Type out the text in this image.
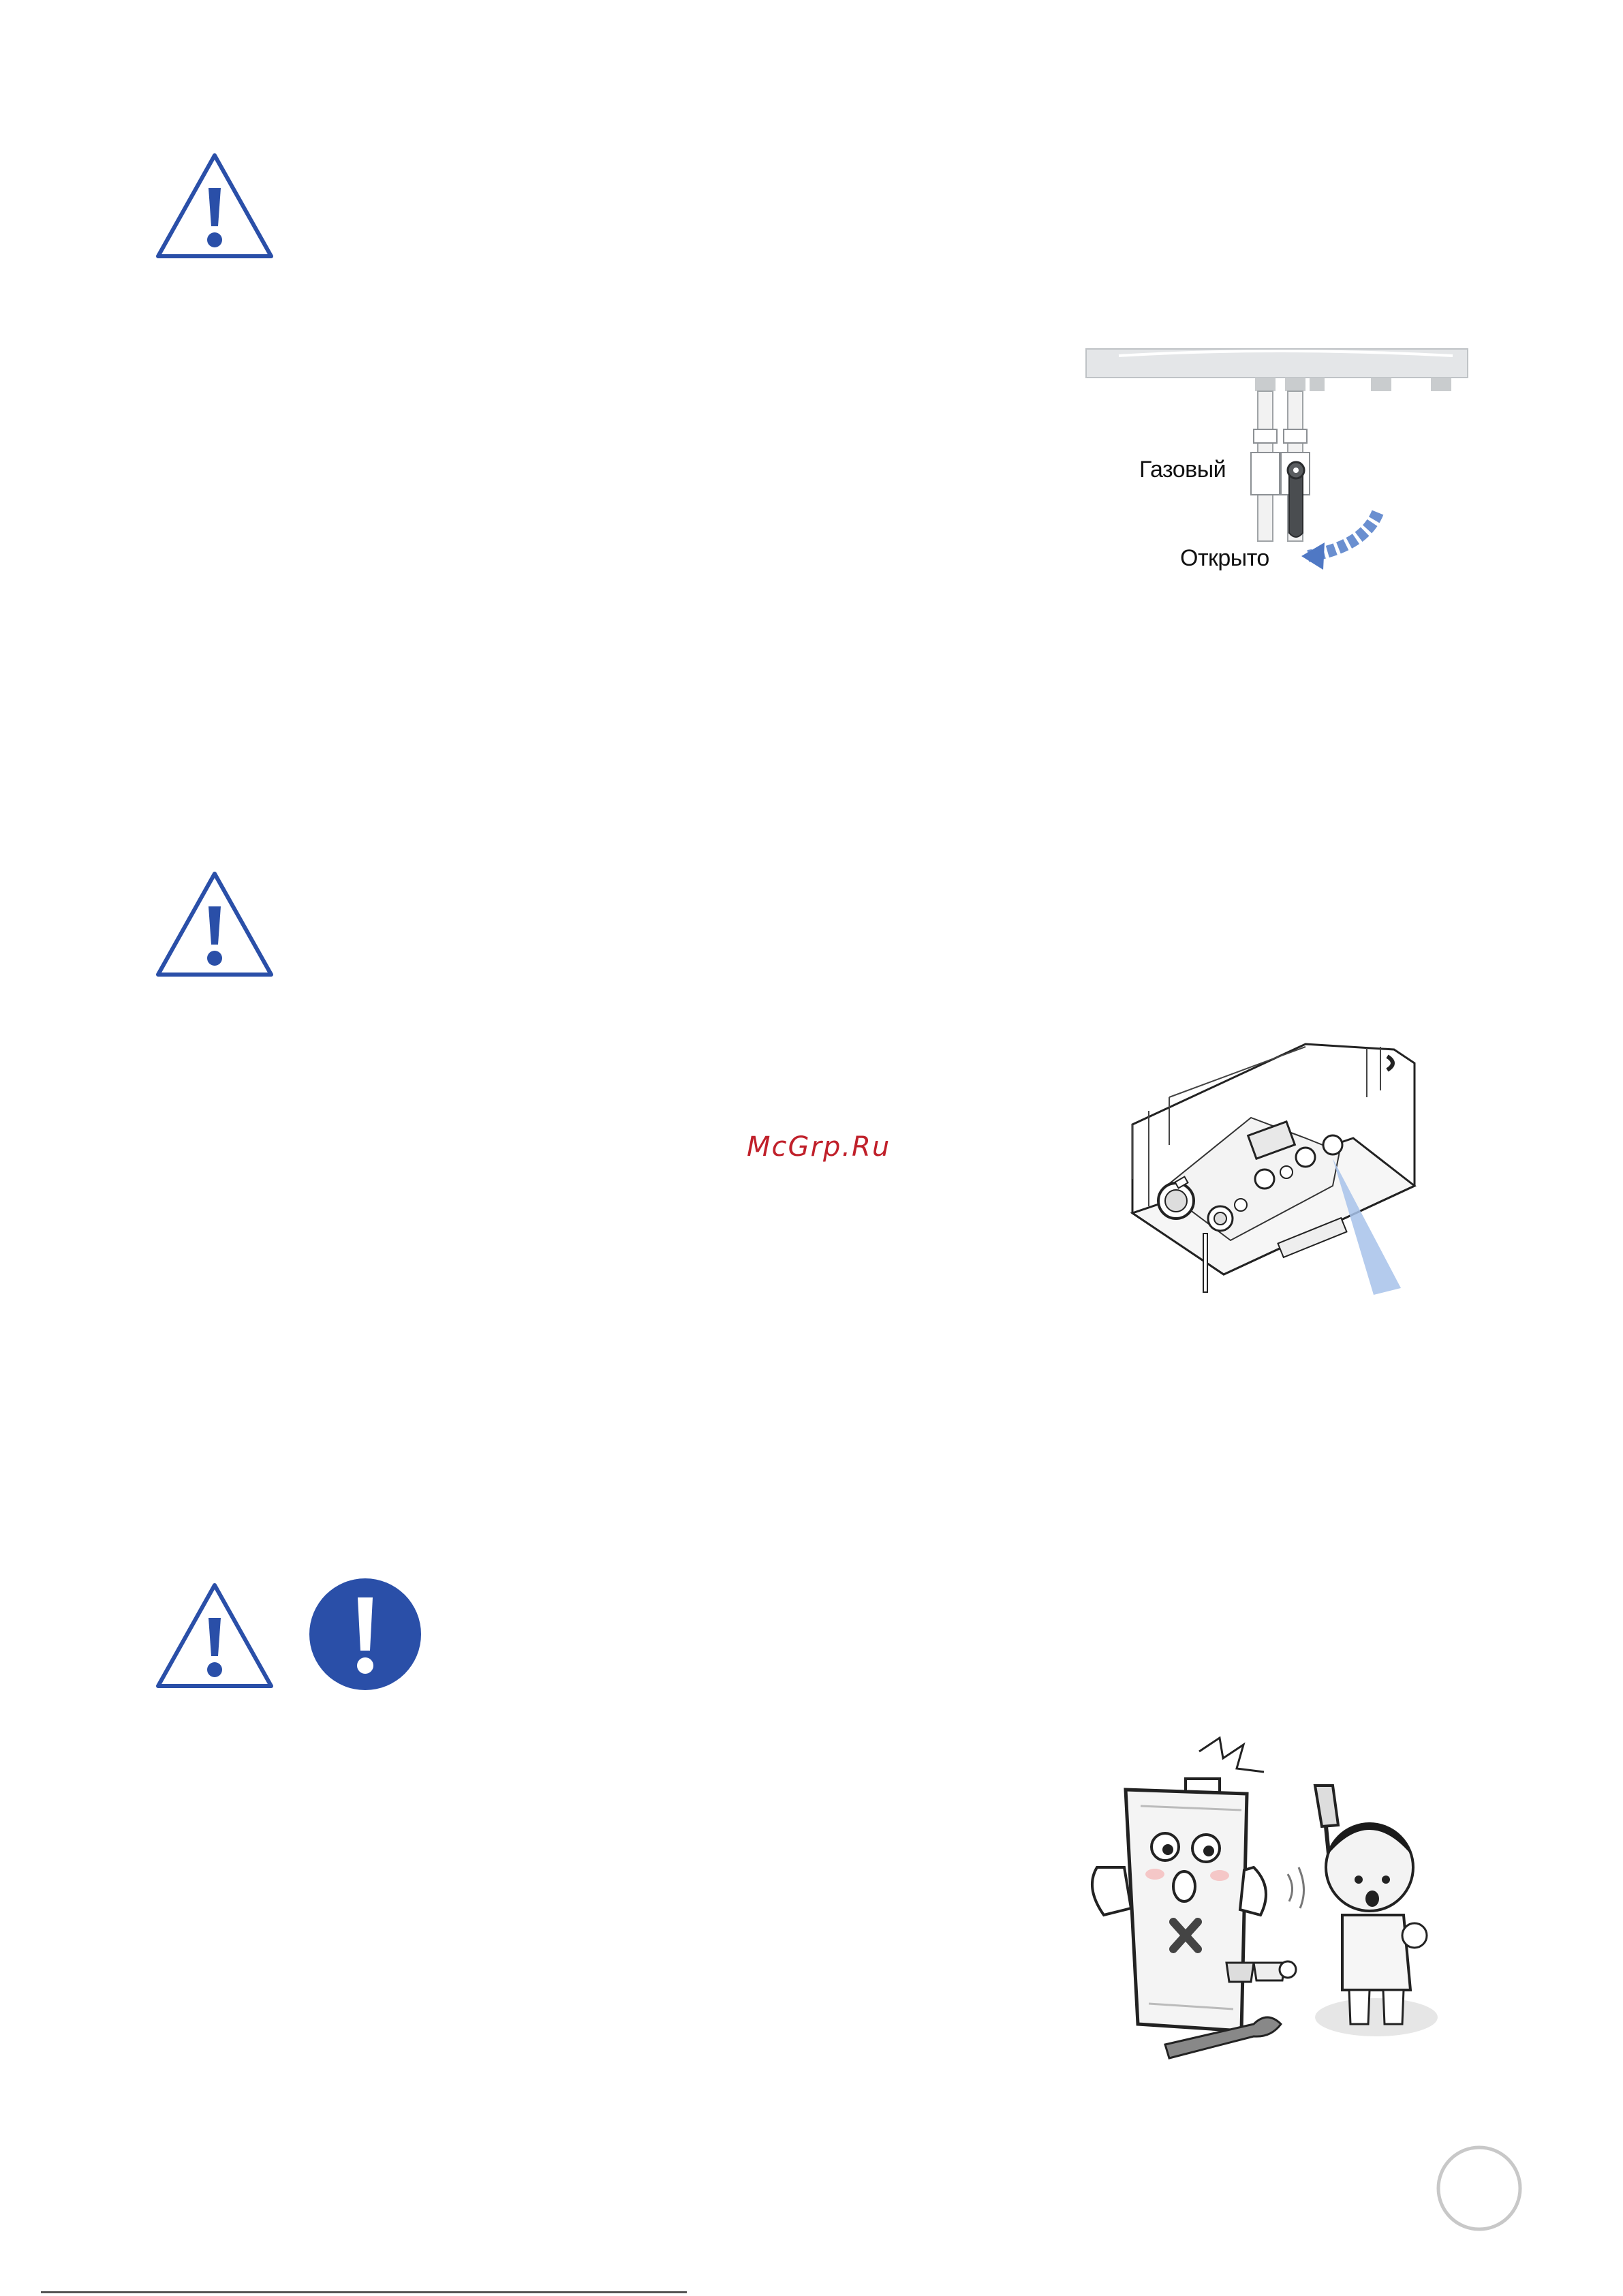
Газовый
Открыто
McGrp.Ru
